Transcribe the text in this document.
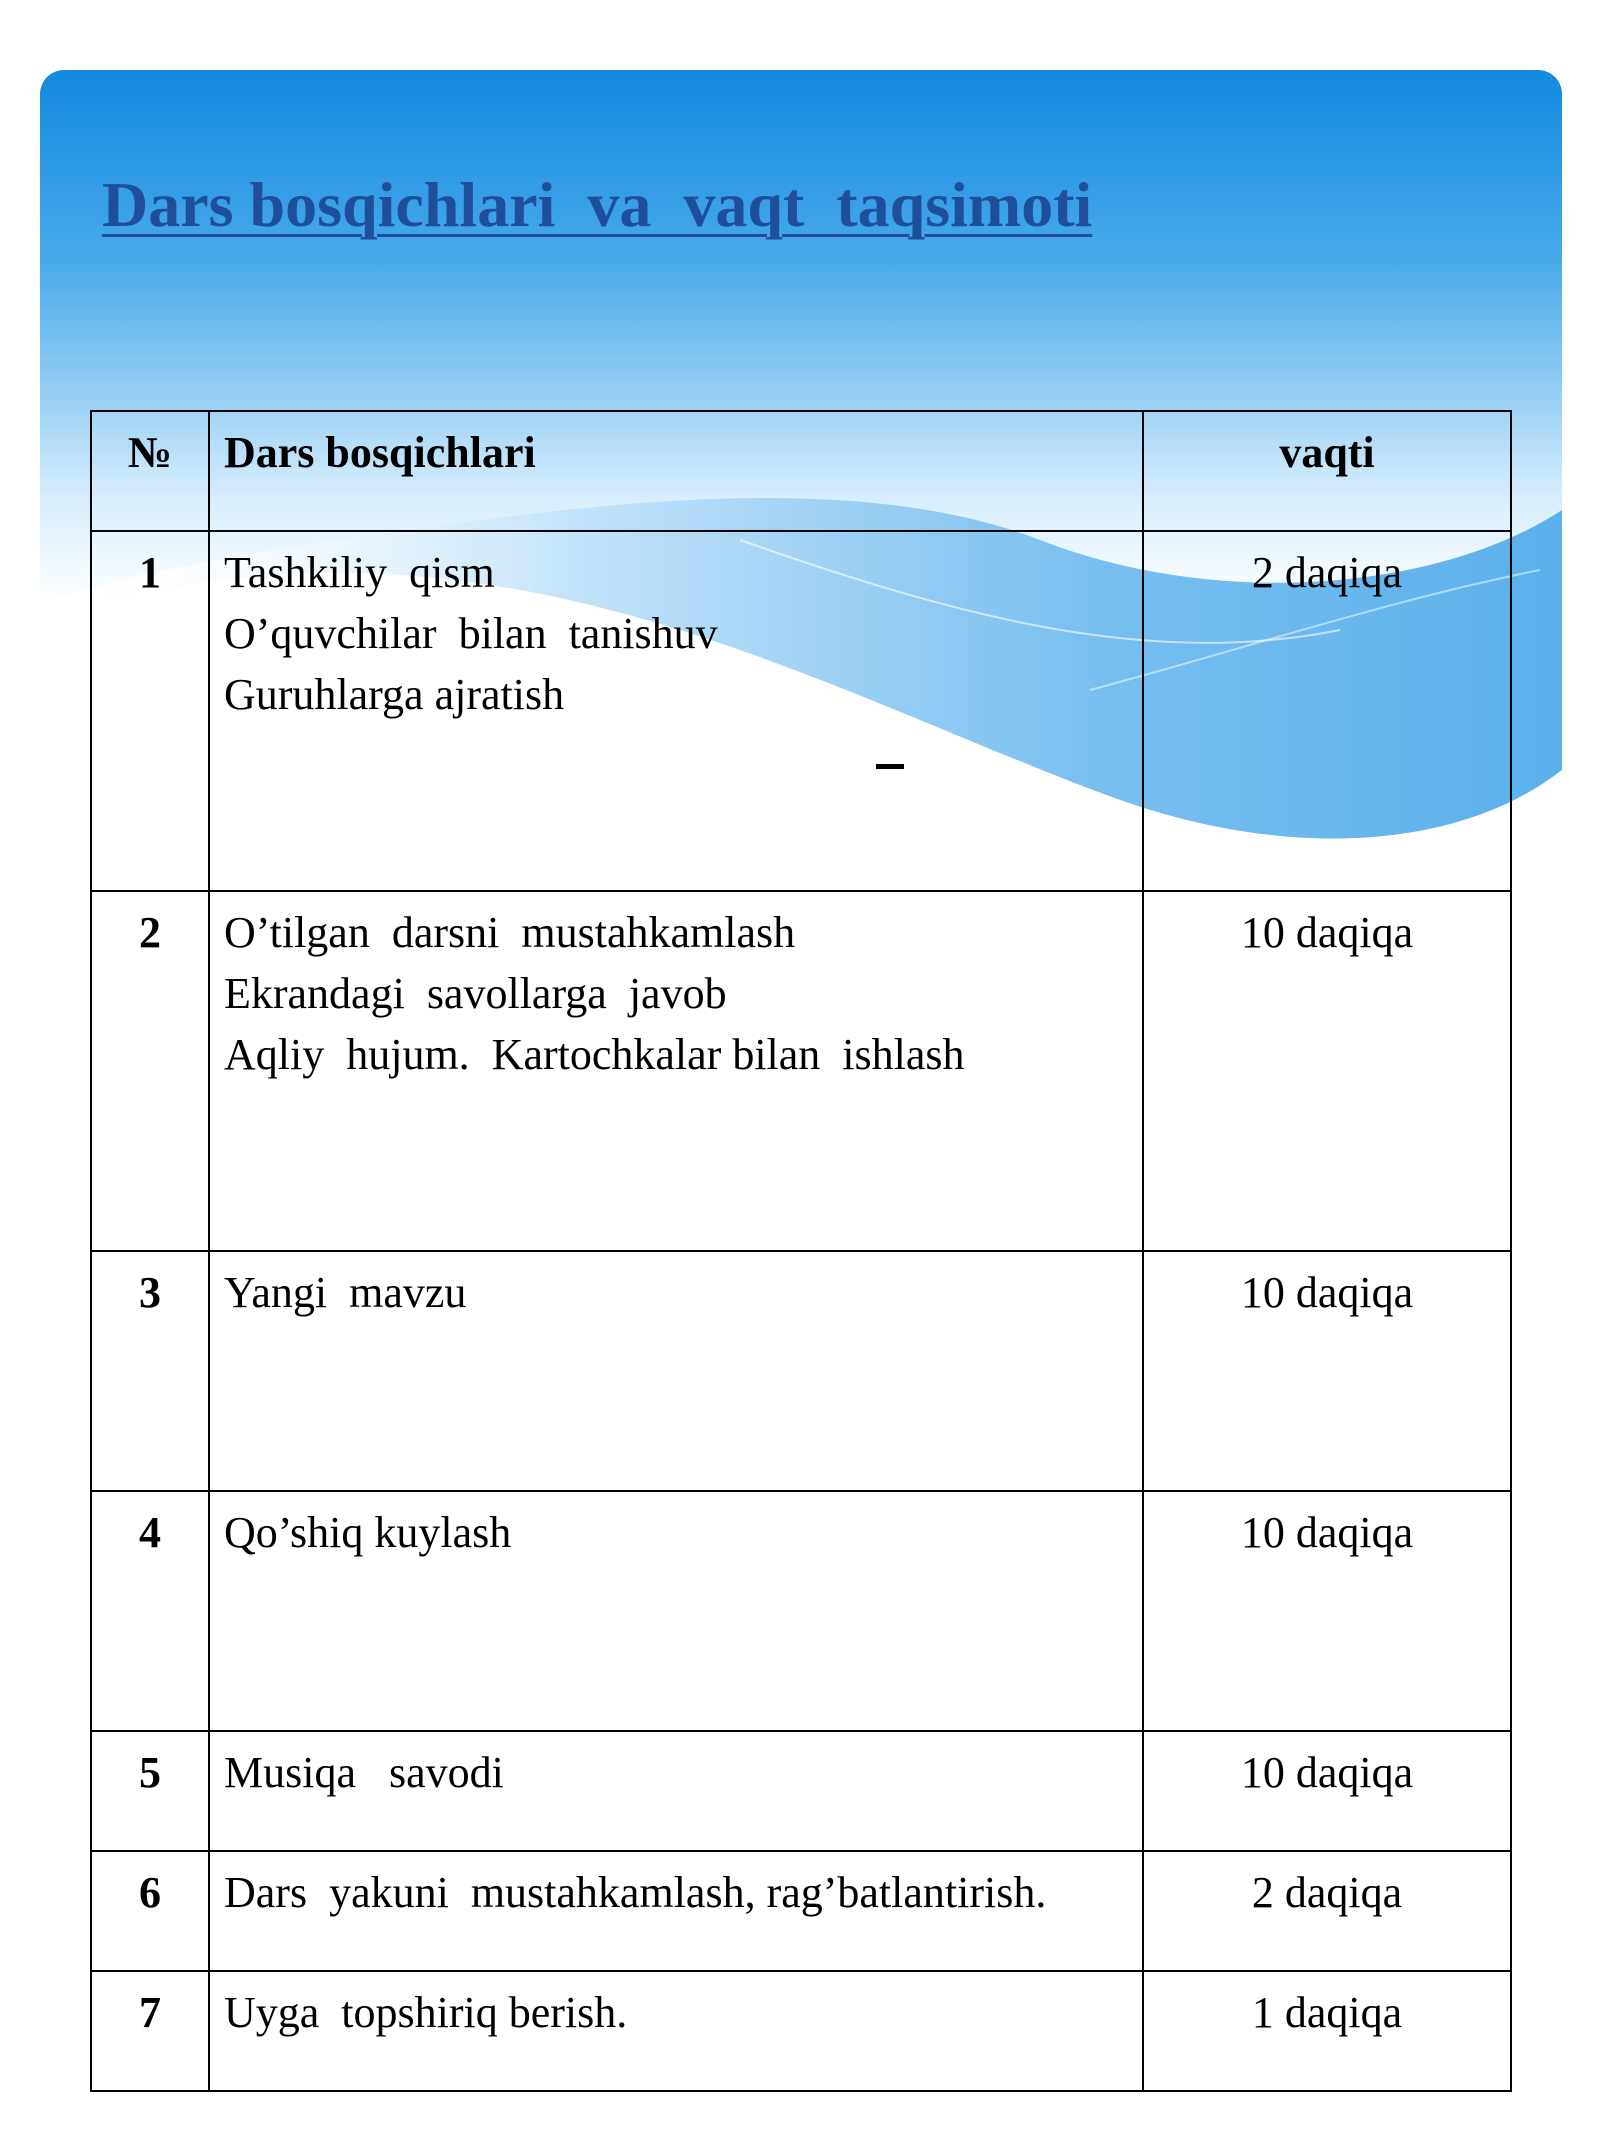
Dars bosqichlari  va  vaqt  taqsimoti
№	Dars bosqichlari	vaqti
1	Tashkiliy  qism
O’quvchilar  bilan  tanishuv
Guruhlarga ajratish	2 daqiqa
2	O’tilgan  darsni  mustahkamlash
Ekrandagi  savollarga  javob
Aqliy  hujum.  Kartochkalar bilan  ishlash	10 daqiqa
3	Yangi  mavzu	10 daqiqa
4	Qo’shiq kuylash	10 daqiqa
5	Musiqa   savodi	10 daqiqa
6	Dars  yakuni  mustahkamlash, rag’batlantirish.	2 daqiqa
7	Uyga  topshiriq berish.	1 daqiqa
